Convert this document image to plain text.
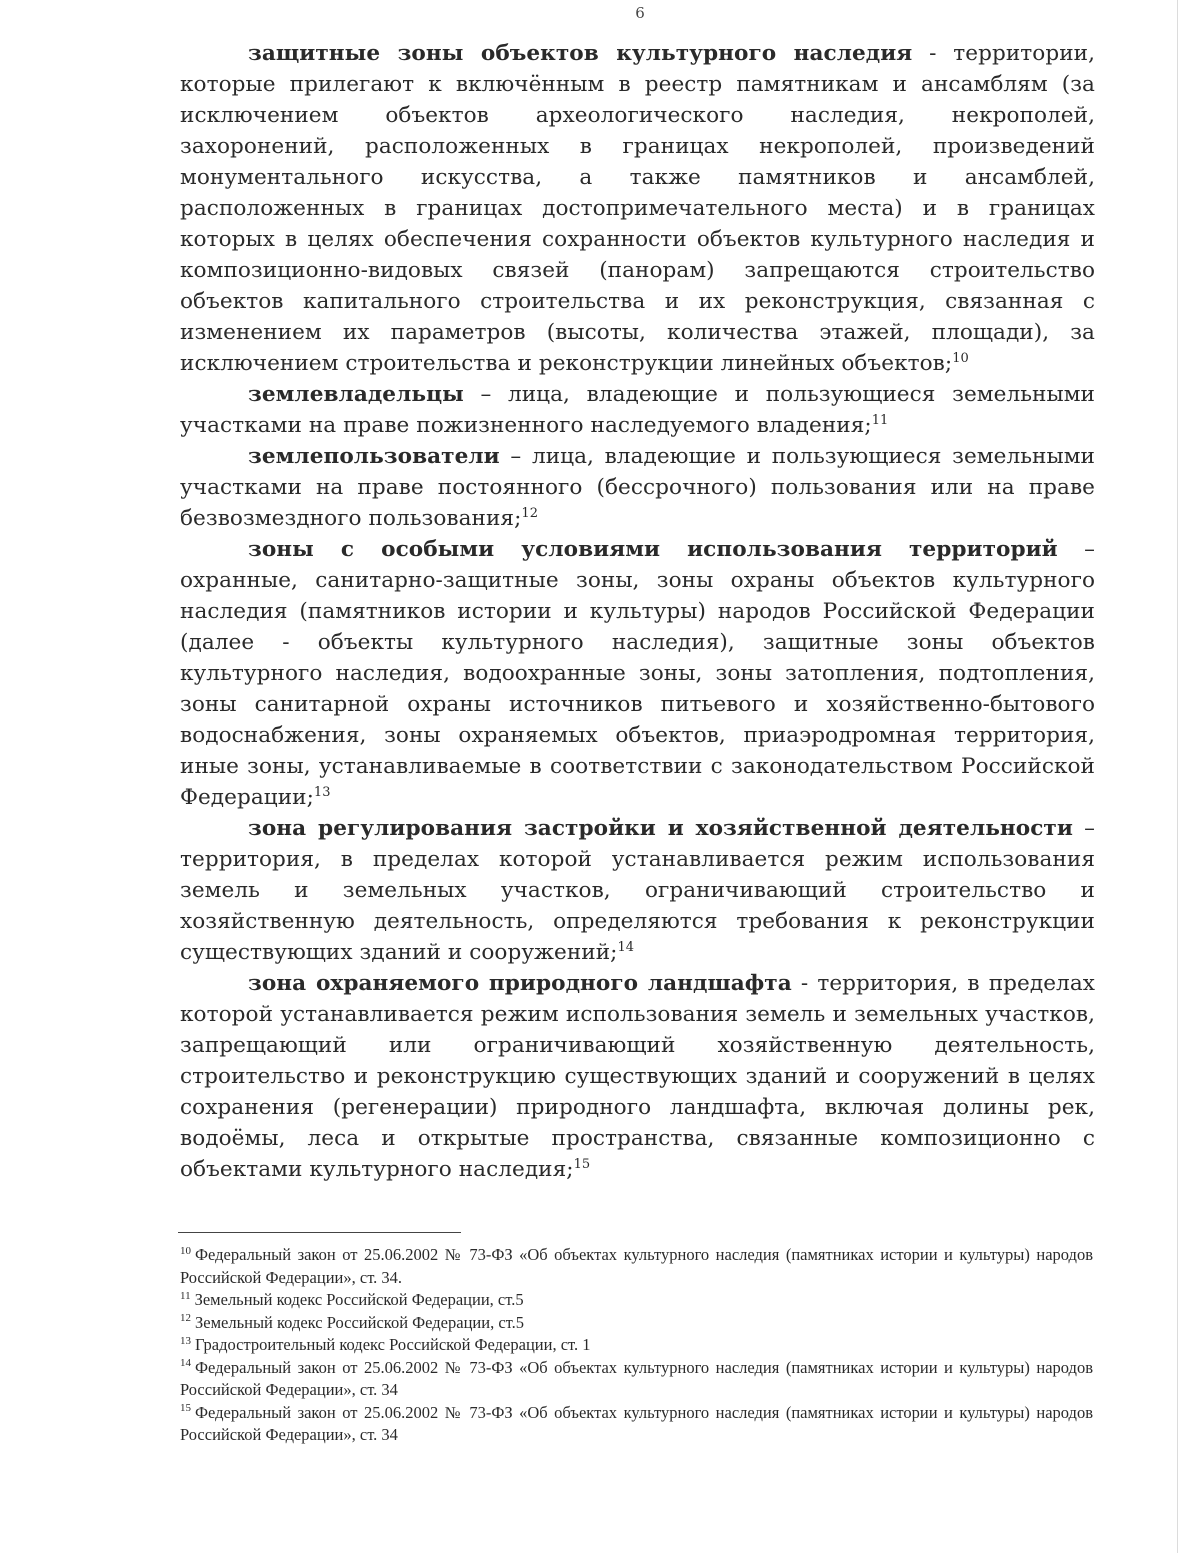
6

защитные зоны объектов культурного наследия - территории, которые прилегают к включённым в реестр памятникам и ансамблям (за исключением объектов археологического наследия, некрополей, захоронений, расположенных в границах некрополей, произведений монументального искусства, а также памятников и ансамблей, расположенных в границах достопримечательного места) и в границах которых в целях обеспечения сохранности объектов культурного наследия и композиционно-видовых связей (панорам) запрещаются строительство объектов капитального строительства и их реконструкция, связанная с изменением их параметров (высоты, количества этажей, площади), за исключением строительства и реконструкции линейных объектов;$^{10}$

землевладельцы – лица, владеющие и пользующиеся земельными участками на праве пожизненного наследуемого владения;$^{11}$

землепользователи – лица, владеющие и пользующиеся земельными участками на праве постоянного (бессрочного) пользования или на праве безвозмездного пользования;$^{12}$

зоны с особыми условиями использования территорий – охранные, санитарно-защитные зоны, зоны охраны объектов культурного наследия (памятников истории и культуры) народов Российской Федерации (далее - объекты культурного наследия), защитные зоны объектов культурного наследия, водоохранные зоны, зоны затопления, подтопления, зоны санитарной охраны источников питьевого и хозяйственно-бытового водоснабжения, зоны охраняемых объектов, приаэродромная территория, иные зоны, устанавливаемые в соответствии с законодательством Российской Федерации;$^{13}$

зона регулирования застройки и хозяйственной деятельности – территория, в пределах которой устанавливается режим использования земель и земельных участков, ограничивающий строительство и хозяйственную деятельность, определяются требования к реконструкции существующих зданий и сооружений;$^{14}$

зона охраняемого природного ландшафта - территория, в пределах которой устанавливается режим использования земель и земельных участков, запрещающий или ограничивающий хозяйственную деятельность, строительство и реконструкцию существующих зданий и сооружений в целях сохранения (регенерации) природного ландшафта, включая долины рек, водоёмы, леса и открытые пространства, связанные композиционно с объектами культурного наследия;$^{15}$

$^{10}$ Федеральный закон от 25.06.2002 № 73-ФЗ «Об объектах культурного наследия (памятниках истории и культуры) народов Российской Федерации», ст. 34.

$^{11}$ Земельный кодекс Российской Федерации, ст.5

$^{12}$ Земельный кодекс Российской Федерации, ст.5

$^{13}$ Градостроительный кодекс Российской Федерации, ст. 1

$^{14}$ Федеральный закон от 25.06.2002 № 73-ФЗ «Об объектах культурного наследия (памятниках истории и культуры) народов Российской Федерации», ст. 34

$^{15}$ Федеральный закон от 25.06.2002 № 73-ФЗ «Об объектах культурного наследия (памятниках истории и культуры) народов Российской Федерации», ст. 34
